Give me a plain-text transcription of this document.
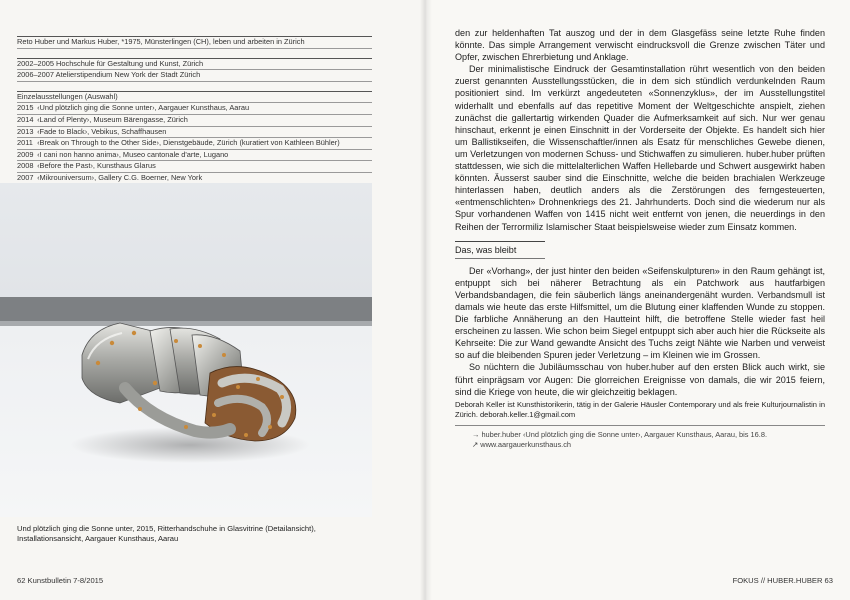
Reto Huber und Markus Huber, *1975, Münsterlingen (CH), leben und arbeiten in Zürich
2002–2005 Hochschule für Gestaltung und Kunst, Zürich
2006–2007 Atelierstipendium New York der Stadt Zürich
Einzelausstellungen (Auswahl)
2015 ‹Und plötzlich ging die Sonne unter›, Aargauer Kunsthaus, Aarau
2014 ‹Land of Plenty›, Museum Bärengasse, Zürich
2013 ‹Fade to Black›, Vebikus, Schaffhausen
2011 ‹Break on Through to the Other Side›, Dienstgebäude, Zürich (kuratiert von Kathleen Bühler)
2009 ‹I cani non hanno anima›, Museo cantonale d'arte, Lugano
2008 ‹Before the Past›, Kunsthaus Glarus
2007 ‹Mikrouniversum›, Gallery C.G. Boerner, New York
Und plötzlich ging die Sonne unter, 2015, Ritterhandschuhe in Glasvitrine (Detailansicht), Installationsansicht, Aargauer Kunsthaus, Aarau
62 Kunstbulletin 7-8/2015	FOKUS // HUBER.HUBER 63

den zur heldenhaften Tat auszog und der in dem Glasgefäss seine letzte Ruhe finden könnte. Das simple Arrangement verwischt eindrucksvoll die Grenze zwischen Täter und Opfer, zwischen Ehrerbietung und Anklage.

Der minimalistische Eindruck der Gesamtinstallation rührt wesentlich von den beiden zuerst genannten Ausstellungsstücken, die in dem sich stündlich verdunkelnden Raum positioniert sind. Im verkürzt angedeuteten «Sonnenzyklus», der im Ausstellungstitel widerhallt und ebenfalls auf das repetitive Moment der Weltgeschichte anspielt, ziehen zunächst die gallertartig wirkenden Quader die Aufmerksamkeit auf sich. Nur wer genau hinschaut, erkennt je einen Einschnitt in der Vorderseite der Objekte. Es handelt sich hier um Ballistikseifen, die Wissenschaftler/innen als Esatz für menschliches Gewebe dienen, um Verletzungen von modernen Schuss- und Stichwaffen zu simulieren. huber.huber prüften stattdessen, wie sich die mittelalterlichen Waffen Hellebarde und Schwert ausgewirkt haben könnten. Äusserst sauber sind die Einschnitte, welche die beiden brachialen Werkzeuge hinterlassen haben, deutlich anders als die Zerstörungen des ferngesteuerten, «entmenschlichten» Drohnenkriegs des 21. Jahrhunderts. Doch sind die wiederum nur als Spur vorhandenen Waffen von 1415 nicht weit entfernt von jenen, die neuerdings in den Reihen der Terrormiliz Islamischer Staat beispielsweise wieder zum Einsatz kommen.

Das, was bleibt

Der «Vorhang», der just hinter den beiden «Seifenskulpturen» in den Raum gehängt ist, entpuppt sich bei näherer Betrachtung als ein Patchwork aus hautfarbigen Verbandsbandagen, die fein säuberlich längs aneinandergenäht wurden. Verbandsmull ist damals wie heute das erste Hilfsmittel, um die Blutung einer klaffenden Wunde zu stoppen. Die farbliche Annäherung an den Hautteint hilft, die betroffene Stelle wieder fast heil erscheinen zu lassen. Wie schon beim Siegel entpuppt sich aber auch hier die Rückseite als Kehrseite: Die zur Wand gewandte Ansicht des Tuchs zeigt Nähte wie Narben und verweist so auf die bleibenden Spuren jeder Verletzung – im Kleinen wie im Grossen.

So nüchtern die Jubiläumsschau von huber.huber auf den ersten Blick auch wirkt, sie führt einprägsam vor Augen: Die glorreichen Ereignisse von damals, die wir 2015 feiern, sind die Kriege von heute, die wir gleichzeitig beklagen.

Deborah Keller ist Kunsthistorikerin, tätig in der Galerie Häusler Contemporary und als freie Kulturjournalistin in Zürich. deborah.keller.1@gmail.com
→ huber.huber ‹Und plötzlich ging die Sonne unter›, Aargauer Kunsthaus, Aarau, bis 16.8.
↗ www.aargauerkunsthaus.ch
